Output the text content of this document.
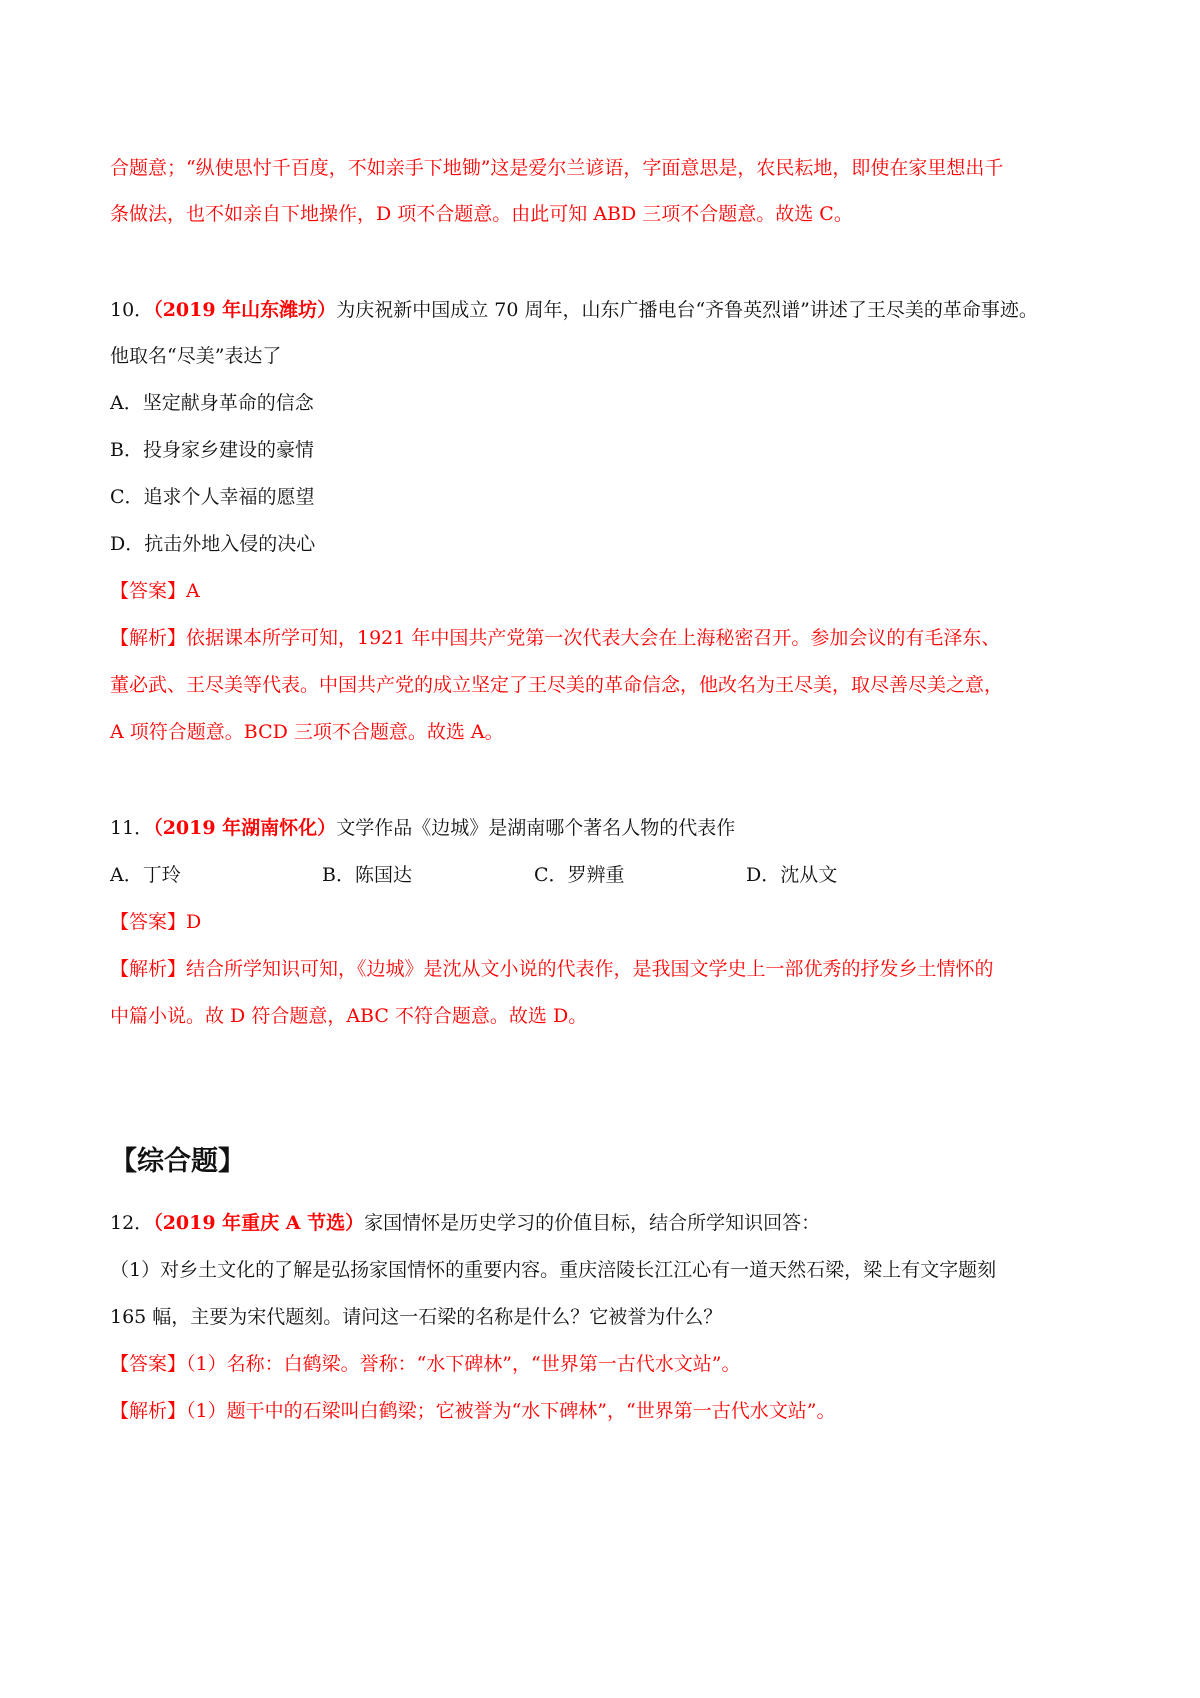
合题意；“纵使思忖千百度，不如亲手下地锄”这是爱尔兰谚语，字面意思是，农民耘地，即使在家里想出千
条做法，也不如亲自下地操作，D 项不合题意。由此可知 ABD 三项不合题意。故选 C。
10．（2019 年山东潍坊）为庆祝新中国成立 70 周年，山东广播电台“齐鲁英烈谱”讲述了王尽美的革命事迹。
他取名“尽美”表达了
A．坚定献身革命的信念
B．投身家乡建设的豪情
C．追求个人幸福的愿望
D．抗击外地入侵的决心
【答案】A
【解析】依据课本所学可知，1921 年中国共产党第一次代表大会在上海秘密召开。参加会议的有毛泽东、
董必武、王尽美等代表。中国共产党的成立坚定了王尽美的革命信念，他改名为王尽美，取尽善尽美之意，
A 项符合题意。BCD 三项不合题意。故选 A。
11．（2019 年湖南怀化）文学作品《边城》是湖南哪个著名人物的代表作
A．丁玲	B．陈国达	C．罗辨重	D．沈从文
【答案】D
【解析】结合所学知识可知，《边城》是沈从文小说的代表作，是我国文学史上一部优秀的抒发乡土情怀的
中篇小说。故 D 符合题意，ABC 不符合题意。故选 D。
【综合题】
12．（2019 年重庆 A 节选）家国情怀是历史学习的价值目标，结合所学知识回答：
（1）对乡土文化的了解是弘扬家国情怀的重要内容。重庆涪陵长江江心有一道天然石梁，梁上有文字题刻
165 幅，主要为宋代题刻。请问这一石梁的名称是什么？它被誉为什么？
【答案】（1）名称：白鹤梁。誉称：“水下碑林”，“世界第一古代水文站”。
【解析】（1）题干中的石梁叫白鹤梁；它被誉为“水下碑林”，“世界第一古代水文站”。
